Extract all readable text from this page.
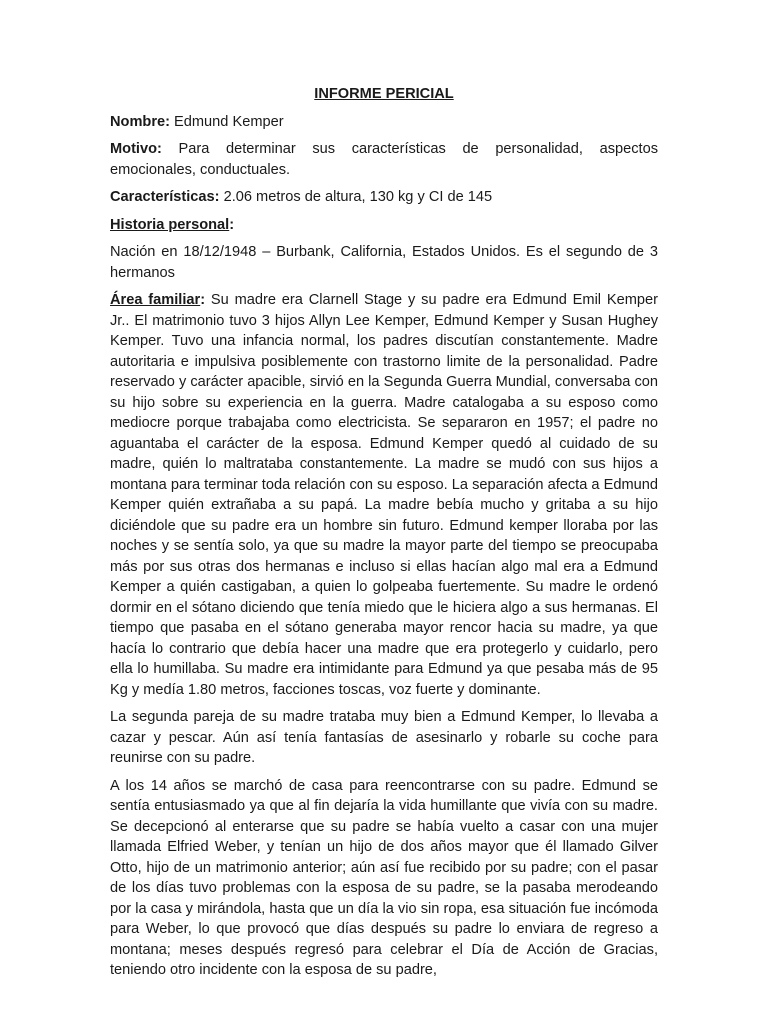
INFORME PERICIAL

Nombre: Edmund Kemper

Motivo: Para determinar sus características de personalidad, aspectos emocionales, conductuales.

Características: 2.06 metros de altura, 130 kg y CI de 145

Historia personal:

Nación en 18/12/1948 – Burbank, California, Estados Unidos. Es el segundo de 3 hermanos

Área familiar: Su madre era Clarnell Stage y su padre era Edmund Emil Kemper Jr.. El matrimonio tuvo 3 hijos Allyn Lee Kemper, Edmund Kemper y Susan Hughey Kemper. Tuvo una infancia normal, los padres discutían constantemente. Madre autoritaria e impulsiva posiblemente con trastorno limite de la personalidad. Padre reservado y carácter apacible, sirvió en la Segunda Guerra Mundial, conversaba con su hijo sobre su experiencia en la guerra. Madre catalogaba a su esposo como mediocre porque trabajaba como electricista. Se separaron en 1957; el padre no aguantaba el carácter de la esposa. Edmund Kemper quedó al cuidado de su madre, quién lo maltrataba constantemente. La madre se mudó con sus hijos a montana para terminar toda relación con su esposo. La separación afecta a Edmund Kemper quién extrañaba a su papá. La madre bebía mucho y gritaba a su hijo diciéndole que su padre era un hombre sin futuro. Edmund kemper lloraba por las noches y se sentía solo, ya que su madre la mayor parte del tiempo se preocupaba más por sus otras dos hermanas e incluso si ellas hacían algo mal era a Edmund Kemper a quién castigaban, a quien lo golpeaba fuertemente. Su madre le ordenó dormir en el sótano diciendo que tenía miedo que le hiciera algo a sus hermanas. El tiempo que pasaba en el sótano generaba mayor rencor hacia su madre, ya que hacía lo contrario que debía hacer una madre que era protegerlo y cuidarlo, pero ella lo humillaba. Su madre era intimidante para Edmund ya que pesaba más de 95 Kg y medía 1.80 metros, facciones toscas, voz fuerte y dominante.

La segunda pareja de su madre trataba muy bien a Edmund Kemper, lo llevaba a cazar y pescar. Aún así tenía fantasías de asesinarlo y robarle su coche para reunirse con su padre.

A los 14 años se marchó de casa para reencontrarse con su padre. Edmund se sentía entusiasmado ya que al fin dejaría la vida humillante que vivía con su madre. Se decepcionó al enterarse que su padre se había vuelto a casar con una mujer llamada Elfried Weber, y tenían un hijo de dos años mayor que él llamado Gilver Otto, hijo de un matrimonio anterior; aún así fue recibido por su padre; con el pasar de los días tuvo problemas con la esposa de su padre, se la pasaba merodeando por la casa y mirándola, hasta que un día la vio sin ropa, esa situación fue incómoda para Weber, lo que provocó que días después su padre lo enviara de regreso a montana; meses después regresó para celebrar el Día de Acción de Gracias, teniendo otro incidente con la esposa de su padre,
